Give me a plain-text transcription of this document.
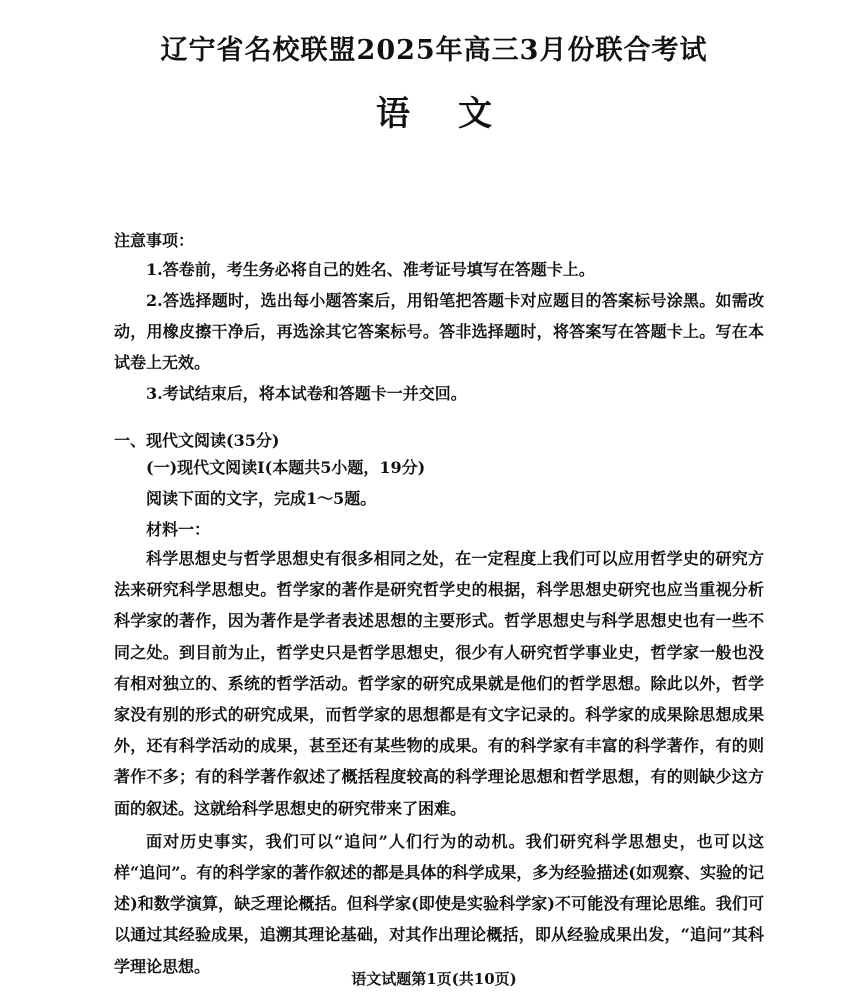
辽宁省名校联盟2025年高三3月份联合考试
语文
注意事项：

1.答卷前，考生务必将自己的姓名、准考证号填写在答题卡上。

2.答选择题时，选出每小题答案后，用铅笔把答题卡对应题目的答案标号涂黑。如需改动，用橡皮擦干净后，再选涂其它答案标号。答非选择题时，将答案写在答题卡上。写在本试卷上无效。

3.考试结束后，将本试卷和答题卡一并交回。

一、现代文阅读(35分)
(一)现代文阅读Ⅰ(本题共5小题，19分)
阅读下面的文字，完成1～5题。
材料一：

科学思想史与哲学思想史有很多相同之处，在一定程度上我们可以应用哲学史的研究方法来研究科学思想史。哲学家的著作是研究哲学史的根据，科学思想史研究也应当重视分析科学家的著作，因为著作是学者表述思想的主要形式。哲学思想史与科学思想史也有一些不同之处。到目前为止，哲学史只是哲学思想史，很少有人研究哲学事业史，哲学家一般也没有相对独立的、系统的哲学活动。哲学家的研究成果就是他们的哲学思想。除此以外，哲学家没有别的形式的研究成果，而哲学家的思想都是有文字记录的。科学家的成果除思想成果外，还有科学活动的成果，甚至还有某些物的成果。有的科学家有丰富的科学著作，有的则著作不多；有的科学著作叙述了概括程度较高的科学理论思想和哲学思想，有的则缺少这方面的叙述。这就给科学思想史的研究带来了困难。

面对历史事实，我们可以“追问”人们行为的动机。我们研究科学思想史，也可以这样“追问”。有的科学家的著作叙述的都是具体的科学成果，多为经验描述(如观察、实验的记述)和数学演算，缺乏理论概括。但科学家(即使是实验科学家)不可能没有理论思维。我们可以通过其经验成果，追溯其理论基础，对其作出理论概括，即从经验成果出发，“追问”其科学理论思想。

语文试题第1页(共10页)
